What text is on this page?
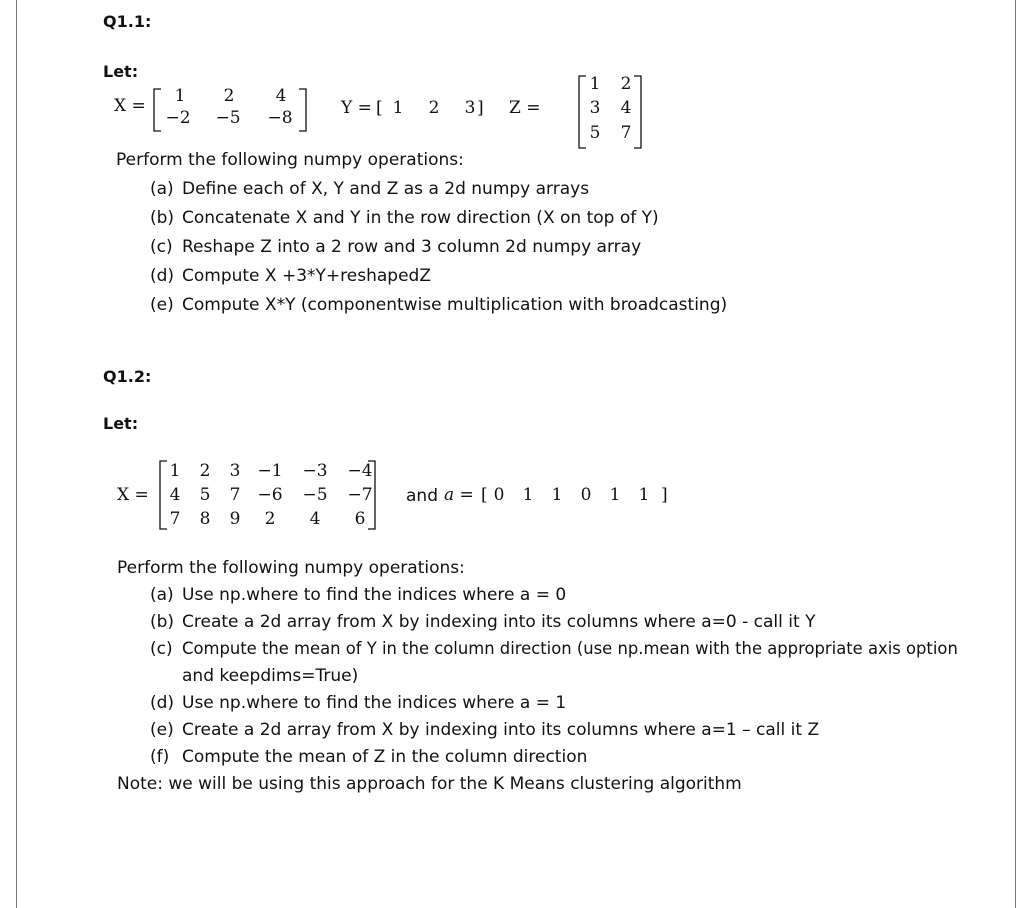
Q1.1:
Let:
X =	1	2	4
−2	−5	−8	Y = [ 1 2 3 ] Z =
1 2
3 4
5 7
Perform the following numpy operations:
(a) Define each of X, Y and Z as a 2d numpy arrays
(b) Concatenate X and Y in the row direction (X on top of Y)
(c) Reshape Z into a 2 row and 3 column 2d numpy array
(d) Compute X +3*Y+reshapedZ
(e) Compute X*Y (componentwise multiplication with broadcasting)
Q1.2:
Let:
X =
1	2	3	−1 −3 −4
4	5	7	−6 −5 −7
7	8	9	2	4	6
and a = [ 0	1	1	0	1	1 ]
Perform the following numpy operations:
(a) Use np.where to find the indices where a = 0
(b) Create a 2d array from X by indexing into its columns where a=0 - call it Y
(c) Compute the mean of Y in the column direction (use np.mean with the appropriate axis option
and keepdims=True)
(d) Use np.where to find the indices where a = 1
(e) Create a 2d array from X by indexing into its columns where a=1 – call it Z
(f) Compute the mean of Z in the column direction
Note: we will be using this approach for the K Means clustering algorithm
